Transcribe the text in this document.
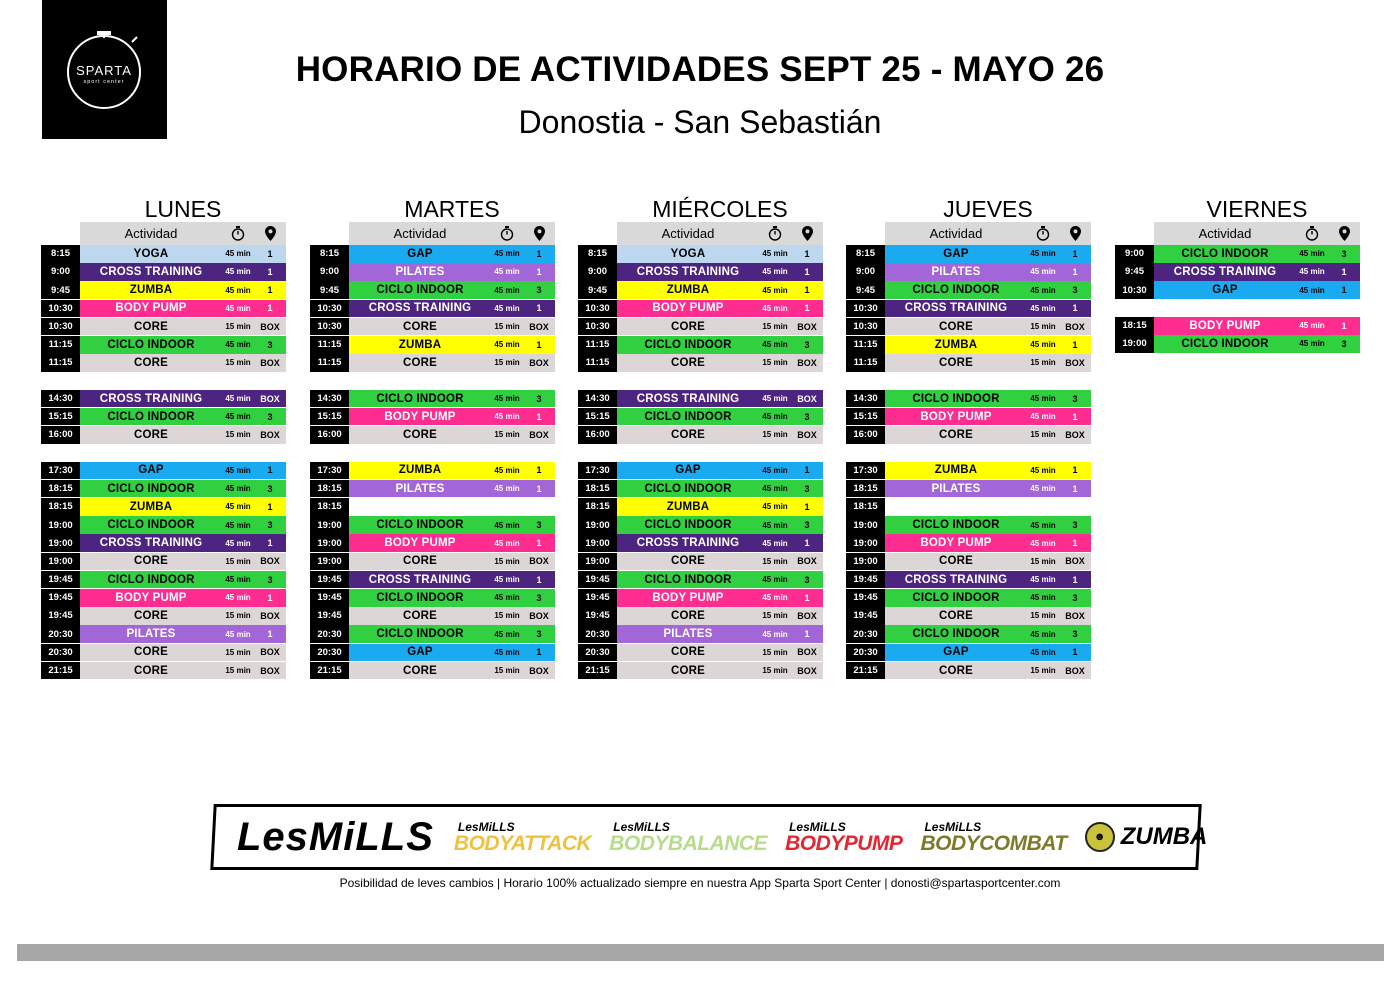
SPARTA
sport center	HORARIO DE ACTIVIDADES SEPT 25 - MAYO 26
Donostia - San Sebastián
LUNES
Actividad
8:15	YOGA	45 min	1
9:00	CROSS TRAINING	45 min	1
9:45	ZUMBA	45 min	1
10:30	BODY PUMP	45 min	1
10:30	CORE	15 min	BOX
11:15	CICLO INDOOR	45 min	3
11:15	CORE	15 min	BOX
14:30	CROSS TRAINING	45 min	BOX
15:15	CICLO INDOOR	45 min	3
16:00	CORE	15 min	BOX
17:30	GAP	45 min	1
18:15	CICLO INDOOR	45 min	3
18:15	ZUMBA	45 min	1
19:00	CICLO INDOOR	45 min	3
19:00	CROSS TRAINING	45 min	1
19:00	CORE	15 min	BOX
19:45	CICLO INDOOR	45 min	3
19:45	BODY PUMP	45 min	1
19:45	CORE	15 min	BOX
20:30	PILATES	45 min	1
20:30	CORE	15 min	BOX
21:15	CORE	15 min	BOX
MARTES
Actividad
8:15	GAP	45 min	1
9:00	PILATES	45 min	1
9:45	CICLO INDOOR	45 min	3
10:30	CROSS TRAINING	45 min	1
10:30	CORE	15 min	BOX
11:15	ZUMBA	45 min	1
11:15	CORE	15 min	BOX
14:30	CICLO INDOOR	45 min	3
15:15	BODY PUMP	45 min	1
16:00	CORE	15 min	BOX
17:30	ZUMBA	45 min	1
18:15	PILATES	45 min	1
18:15
19:00	CICLO INDOOR	45 min	3
19:00	BODY PUMP	45 min	1
19:00	CORE	15 min	BOX
19:45	CROSS TRAINING	45 min	1
19:45	CICLO INDOOR	45 min	3
19:45	CORE	15 min	BOX
20:30	CICLO INDOOR	45 min	3
20:30	GAP	45 min	1
21:15	CORE	15 min	BOX
MIÉRCOLES
Actividad
8:15	YOGA	45 min	1
9:00	CROSS TRAINING	45 min	1
9:45	ZUMBA	45 min	1
10:30	BODY PUMP	45 min	1
10:30	CORE	15 min	BOX
11:15	CICLO INDOOR	45 min	3
11:15	CORE	15 min	BOX
14:30	CROSS TRAINING	45 min	BOX
15:15	CICLO INDOOR	45 min	3
16:00	CORE	15 min	BOX
17:30	GAP	45 min	1
18:15	CICLO INDOOR	45 min	3
18:15	ZUMBA	45 min	1
19:00	CICLO INDOOR	45 min	3
19:00	CROSS TRAINING	45 min	1
19:00	CORE	15 min	BOX
19:45	CICLO INDOOR	45 min	3
19:45	BODY PUMP	45 min	1
19:45	CORE	15 min	BOX
20:30	PILATES	45 min	1
20:30	CORE	15 min	BOX
21:15	CORE	15 min	BOX
JUEVES
Actividad
8:15	GAP	45 min	1
9:00	PILATES	45 min	1
9:45	CICLO INDOOR	45 min	3
10:30	CROSS TRAINING	45 min	1
10:30	CORE	15 min	BOX
11:15	ZUMBA	45 min	1
11:15	CORE	15 min	BOX
14:30	CICLO INDOOR	45 min	3
15:15	BODY PUMP	45 min	1
16:00	CORE	15 min	BOX
17:30	ZUMBA	45 min	1
18:15	PILATES	45 min	1
18:15
19:00	CICLO INDOOR	45 min	3
19:00	BODY PUMP	45 min	1
19:00	CORE	15 min	BOX
19:45	CROSS TRAINING	45 min	1
19:45	CICLO INDOOR	45 min	3
19:45	CORE	15 min	BOX
20:30	CICLO INDOOR	45 min	3
20:30	GAP	45 min	1
21:15	CORE	15 min	BOX
VIERNES
Actividad
9:00	CICLO INDOOR	45 min	3
9:45	CROSS TRAINING	45 min	1
10:30	GAP	45 min	1
18:15	BODY PUMP	45 min	1
19:00	CICLO INDOOR	45 min	3
LesMiLLS	LesMiLLS
BODYATTACK
LesMiLLS
BODYBALANCE
LesMiLLS
BODYPUMP
LesMiLLS
BODYCOMBAT	☻ ZUMBA
Posibilidad de leves cambios | Horario 100% actualizado siempre en nuestra App Sparta Sport Center | donosti@spartasportcenter.com
